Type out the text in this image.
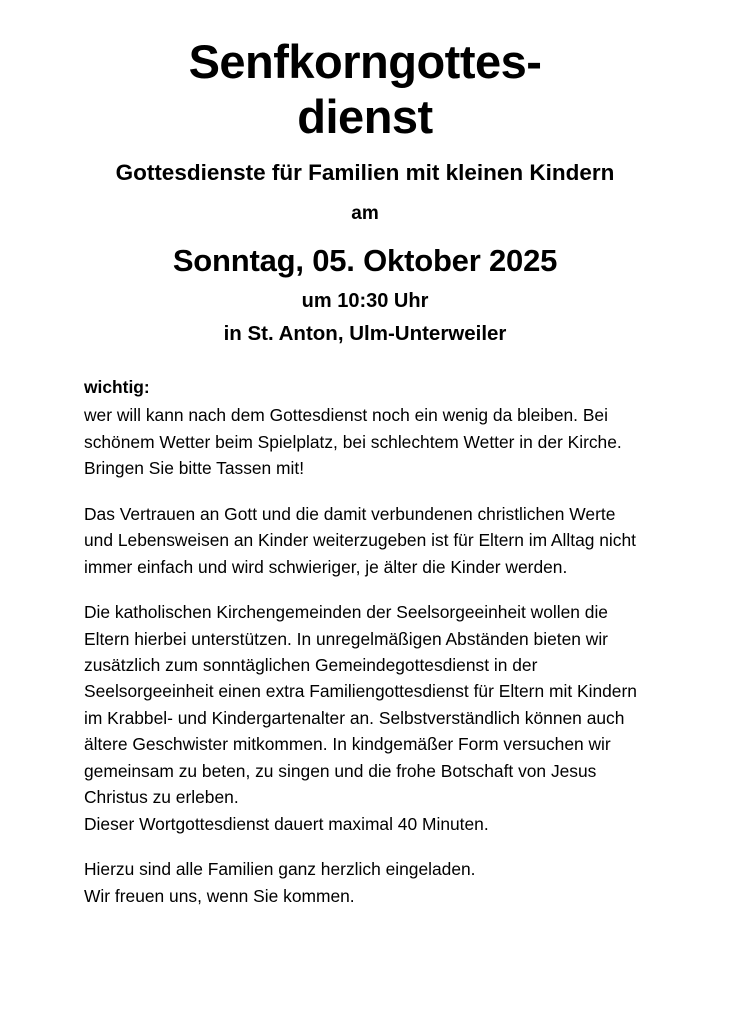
Senfkorngottes-
dienst
Gottesdienste für Familien mit kleinen Kindern
am
Sonntag, 05. Oktober 2025
um 10:30 Uhr
in St. Anton, Ulm-Unterweiler
wichtig:

wer will kann nach dem Gottesdienst noch ein wenig da bleiben. Bei schönem Wetter beim Spielplatz, bei schlechtem Wetter in der Kirche. Bringen Sie bitte Tassen mit!

Das Vertrauen an Gott und die damit verbundenen christlichen Werte und Lebensweisen an Kinder weiterzugeben ist für Eltern im Alltag nicht immer einfach und wird schwieriger, je älter die Kinder werden.

Die katholischen Kirchengemeinden der Seelsorgeeinheit wollen die Eltern hierbei unterstützen. In unregelmäßigen Abständen bieten wir zusätzlich zum sonntäglichen Gemeindegottesdienst in der Seelsorgeeinheit einen extra Familiengottesdienst für Eltern mit Kindern im Krabbel- und Kindergartenalter an. Selbstverständlich können auch ältere Geschwister mitkommen. In kindgemäßer Form versuchen wir gemeinsam zu beten, zu singen und die frohe Botschaft von Jesus Christus zu erleben.

Dieser Wortgottesdienst dauert maximal 40 Minuten.

Hierzu sind alle Familien ganz herzlich eingeladen.

Wir freuen uns, wenn Sie kommen.
